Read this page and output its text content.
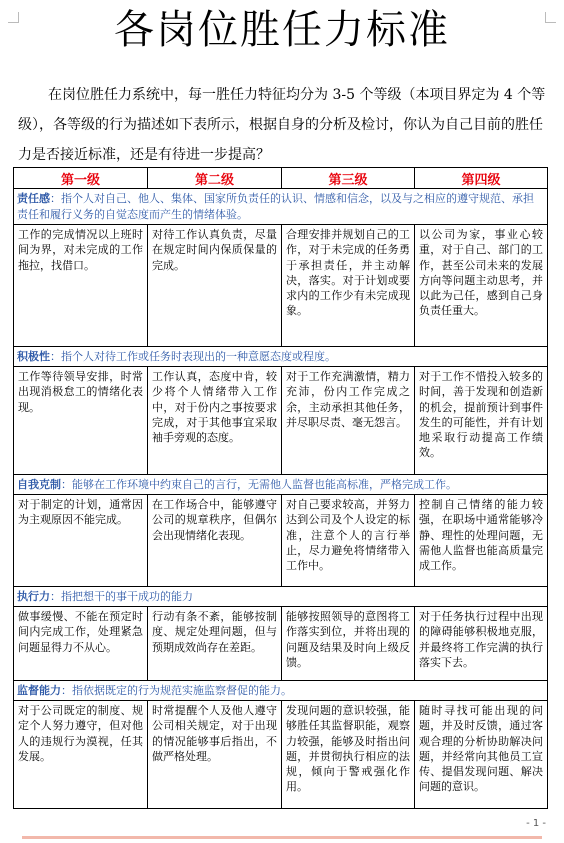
各岗位胜任力标准

在岗位胜任力系统中，每一胜任力特征均分为 3-5 个等级（本项目界定为 4 个等级），各等级的行为描述如下表所示，根据自身的分析及检讨，你认为自己目前的胜任力是否接近标准，还是有待进一步提高？

第一级	第二级	第三级	第四级
责任感：指个人对自己、他人、集体、国家所负责任的认识、情感和信念，以及与之相应的遵守规范、承担责任和履行义务的自觉态度而产生的情绪体验。			
工作的完成情况以上班时间为界，对未完成的工作拖拉，找借口。	对待工作认真负责，尽量在规定时间内保质保量的完成。	合理安排并规划自己的工作，对于未完成的任务勇于承担责任，并主动解决，落实。对于计划或要求内的工作少有未完成现象。	以公司为家，事业心较重，对于自己、部门的工作，甚至公司未来的发展方向等问题主动思考，并以此为己任，感到自己身负责任重大。
积极性：指个人对待工作或任务时表现出的一种意愿态度或程度。			
工作等待领导安排，时常出现消极怠工的情绪化表现。	工作认真，态度中肯，较少将个人情绪带入工作中，对于份内之事按要求完成，对于其他事宜采取袖手旁观的态度。	对于工作充满激情，精力充沛，份内工作完成之余，主动承担其他任务，并尽职尽责、毫无怨言。	对于工作不惜投入较多的时间，善于发现和创造新的机会，提前预计到事件发生的可能性，并有计划地采取行动提高工作绩效。
自我克制：能够在工作环境中约束自己的言行，无需他人监督也能高标准，严格完成工作。			
对于制定的计划，通常因为主观原因不能完成。	在工作场合中，能够遵守公司的规章秩序，但偶尔会出现情绪化表现。	对自己要求较高，并努力达到公司及个人设定的标准，注意个人的言行举止，尽力避免将情绪带入工作中。	控制自己情绪的能力较强，在职场中通常能够冷静、理性的处理问题，无需他人监督也能高质量完成工作。
执行力：指把想干的事干成功的能力			
做事缓慢、不能在预定时间内完成工作，处理紧急问题显得力不从心。	行动有条不紊，能够按制度、规定处理问题，但与预期成效尚存在差距。	能够按照领导的意图将工作落实到位，并将出现的问题及结果及时向上级反馈。	对于任务执行过程中出现的障碍能够积极地克服，并最终将工作完满的执行落实下去。
监督能力：指依据既定的行为规范实施监察督促的能力。			
对于公司既定的制度、规定个人努力遵守，但对他人的违规行为漠视，任其发展。	时常提醒个人及他人遵守公司相关规定，对于出现的情况能够事后指出，不做严格处理。	发现问题的意识较强，能够胜任其监督职能，观察力较强，能够及时指出问题，并贯彻执行相应的法规，倾向于警戒强化作用。	随时寻找可能出现的问题，并及时反馈，通过客观合理的分析协助解决问题，并经常向其他员工宣传、提倡发现问题、解决问题的意识。
- 1 -
